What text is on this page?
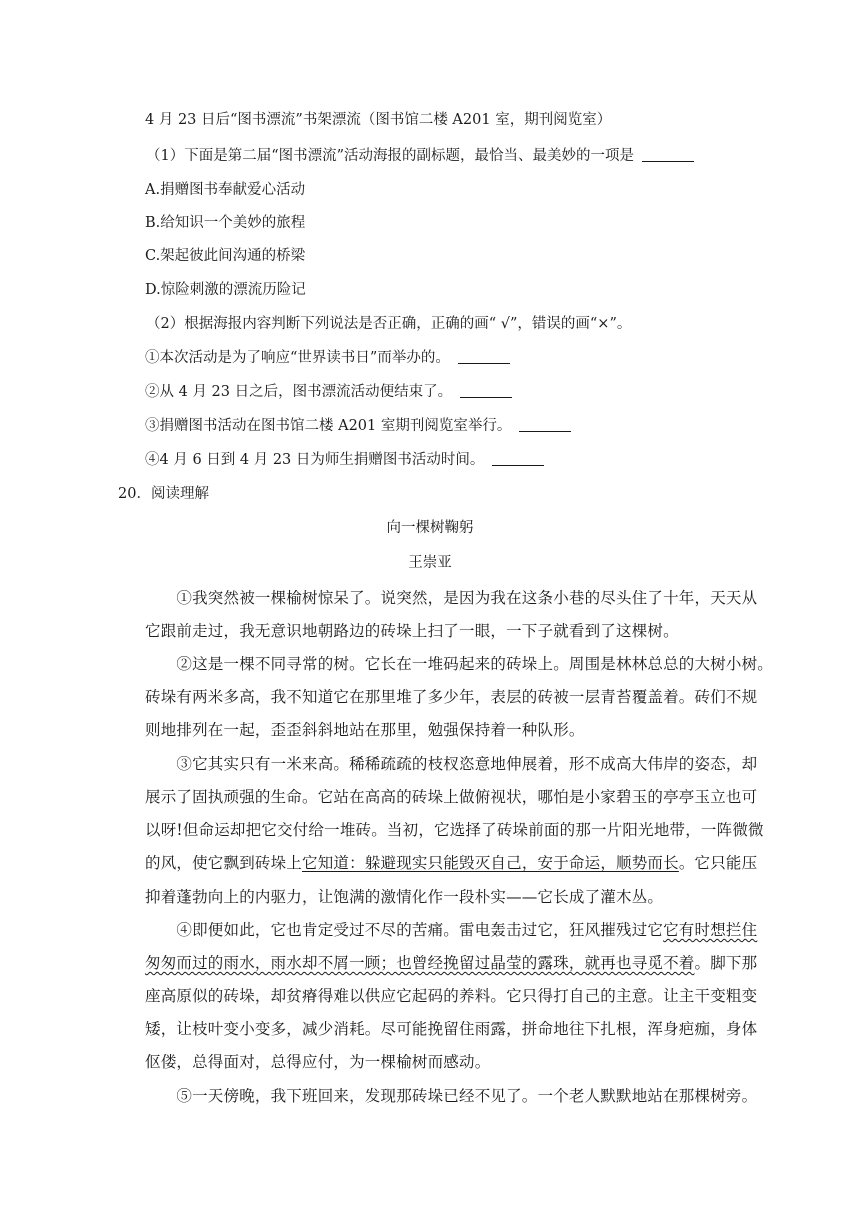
4 月 23 日后“图书漂流”书架漂流（图书馆二楼 A201 室，期刊阅览室）
（1）下面是第二届“图书漂流”活动海报的副标题，最恰当、最美妙的一项是
A.捐赠图书奉献爱心活动
B.给知识一个美妙的旅程
C.架起彼此间沟通的桥梁
D.惊险刺激的漂流历险记
（2）根据海报内容判断下列说法是否正确，正确的画“ √”，错误的画“×”。
①本次活动是为了响应“世界读书日”而举办的。
②从 4 月 23 日之后，图书漂流活动便结束了。
③捐赠图书活动在图书馆二楼 A201 室期刊阅览室举行。
④4 月 6 日到 4 月 23 日为师生捐赠图书活动时间。
20．阅读理解
向一棵树鞠躬
王崇亚
　　①我突然被一棵榆树惊呆了。说突然，是因为我在这条小巷的尽头住了十年，天天从
它跟前走过，我无意识地朝路边的砖垛上扫了一眼，一下子就看到了这棵树。
　　②这是一棵不同寻常的树。它长在一堆码起来的砖垛上。周围是林林总总的大树小树。
砖垛有两米多高，我不知道它在那里堆了多少年，表层的砖被一层青苔覆盖着。砖们不规
则地排列在一起，歪歪斜斜地站在那里，勉强保持着一种队形。
　　③它其实只有一米来高。稀稀疏疏的枝杈恣意地伸展着，形不成高大伟岸的姿态，却
展示了固执顽强的生命。它站在高高的砖垛上做俯视状，哪怕是小家碧玉的亭亭玉立也可
以呀!但命运却把它交付给一堆砖。当初，它选择了砖垛前面的那一片阳光地带，一阵微微
的风，使它飘到砖垛上它知道：躲避现实只能毁灭自己，安于命运，顺势而长。它只能压
抑着蓬勃向上的内驱力，让饱满的激情化作一段朴实——它长成了灌木丛。
　　④即便如此，它也肯定受过不尽的苦痛。雷电轰击过它，狂风摧残过它它有时想拦住
匆匆而过的雨水，雨水却不屑一顾；也曾经挽留过晶莹的露珠，就再也寻觅不着。脚下那
座高原似的砖垛，却贫瘠得难以供应它起码的养料。它只得打自己的主意。让主干变粗变
矮，让枝叶变小变多，减少消耗。尽可能挽留住雨露，拼命地往下扎根，浑身疤痂，身体
伛偻，总得面对，总得应付，为一棵榆树而感动。
　　⑤一天傍晚，我下班回来，发现那砖垛已经不见了。一个老人默默地站在那棵树旁。
